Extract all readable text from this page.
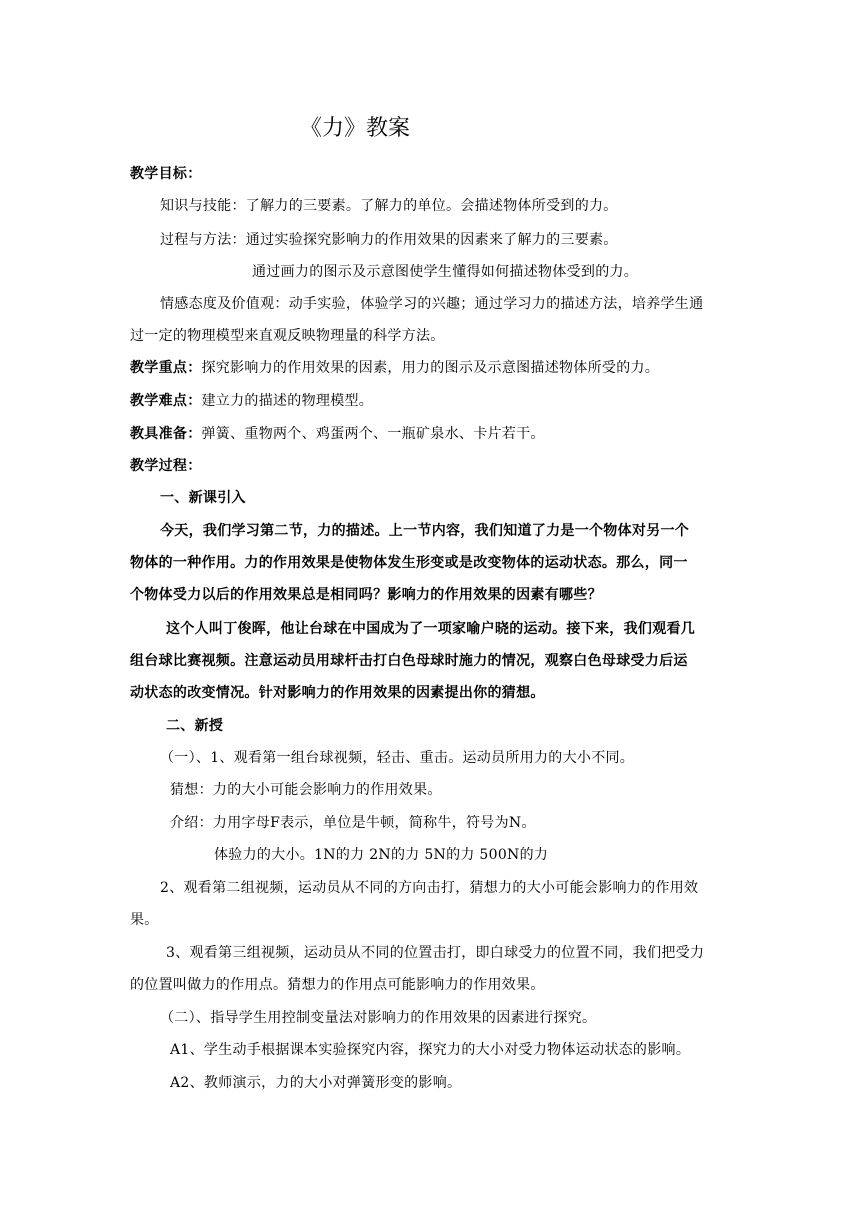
《力》教案
教学目标：
知识与技能：了解力的三要素。了解力的单位。会描述物体所受到的力。
过程与方法：通过实验探究影响力的作用效果的因素来了解力的三要素。
通过画力的图示及示意图使学生懂得如何描述物体受到的力。
情感态度及价值观：动手实验，体验学习的兴趣；通过学习力的描述方法，培养学生通
过一定的物理模型来直观反映物理量的科学方法。
教学重点：探究影响力的作用效果的因素，用力的图示及示意图描述物体所受的力。
教学难点：建立力的描述的物理模型。
教具准备：弹簧、重物两个、鸡蛋两个、一瓶矿泉水、卡片若干。
教学过程：
一、新课引入
今天，我们学习第二节，力的描述。上一节内容，我们知道了力是一个物体对另一个
物体的一种作用。力的作用效果是使物体发生形变或是改变物体的运动状态。那么，同一
个物体受力以后的作用效果总是相同吗？影响力的作用效果的因素有哪些？
这个人叫丁俊晖，他让台球在中国成为了一项家喻户晓的运动。接下来，我们观看几
组台球比赛视频。注意运动员用球杆击打白色母球时施力的情况，观察白色母球受力后运
动状态的改变情况。针对影响力的作用效果的因素提出你的猜想。
二、新授
（一）、1、观看第一组台球视频，轻击、重击。运动员所用力的大小不同。
猜想：力的大小可能会影响力的作用效果。
介绍：力用字母F表示，单位是牛顿，简称牛，符号为N。
体验力的大小。1N的力 2N的力 5N的力 500N的力
2、观看第二组视频，运动员从不同的方向击打，猜想力的大小可能会影响力的作用效
果。
3、观看第三组视频，运动员从不同的位置击打，即白球受力的位置不同，我们把受力
的位置叫做力的作用点。猜想力的作用点可能影响力的作用效果。
（二）、指导学生用控制变量法对影响力的作用效果的因素进行探究。
A1、学生动手根据课本实验探究内容，探究力的大小对受力物体运动状态的影响。
A2、教师演示，力的大小对弹簧形变的影响。
